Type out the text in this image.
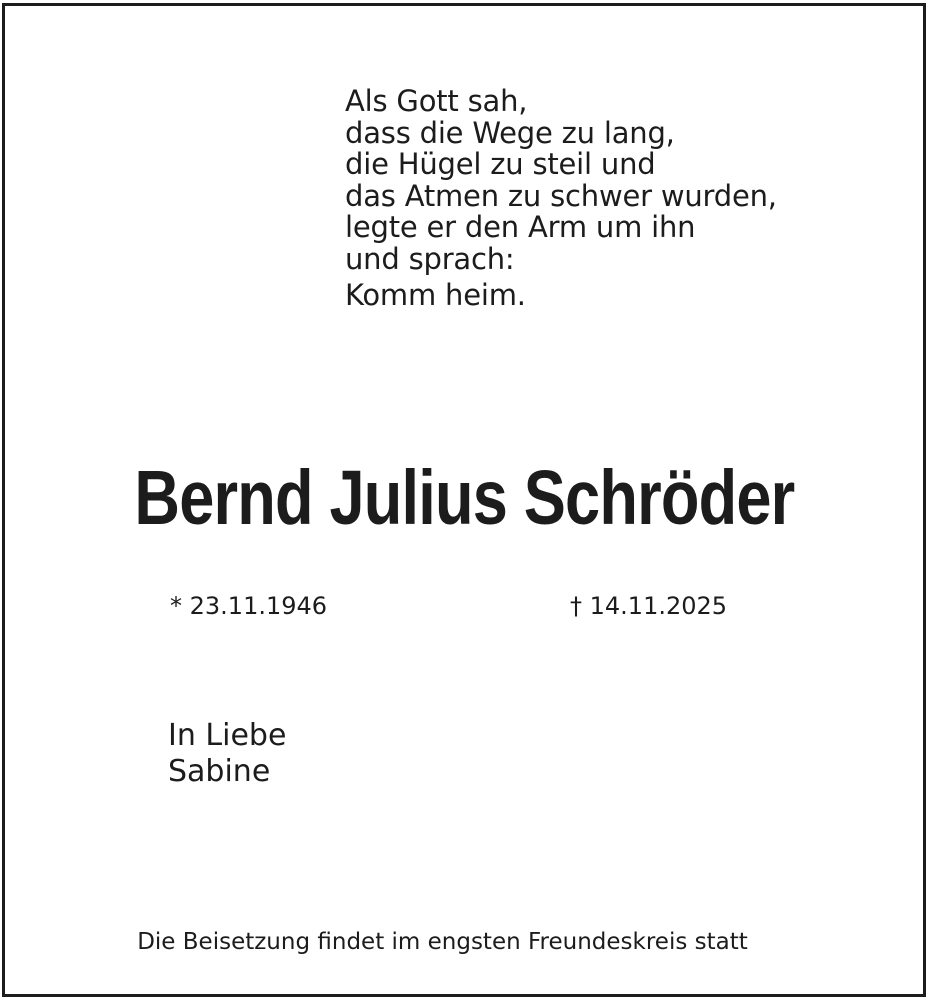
Als Gott sah,
dass die Wege zu lang,
die Hügel zu steil und
das Atmen zu schwer wurden,
legte er den Arm um ihn
und sprach:
Komm heim.
Bernd Julius Schröder
* 23.11.1946	† 14.11.2025
In Liebe
Sabine
Die Beisetzung findet im engsten Freundeskreis statt
